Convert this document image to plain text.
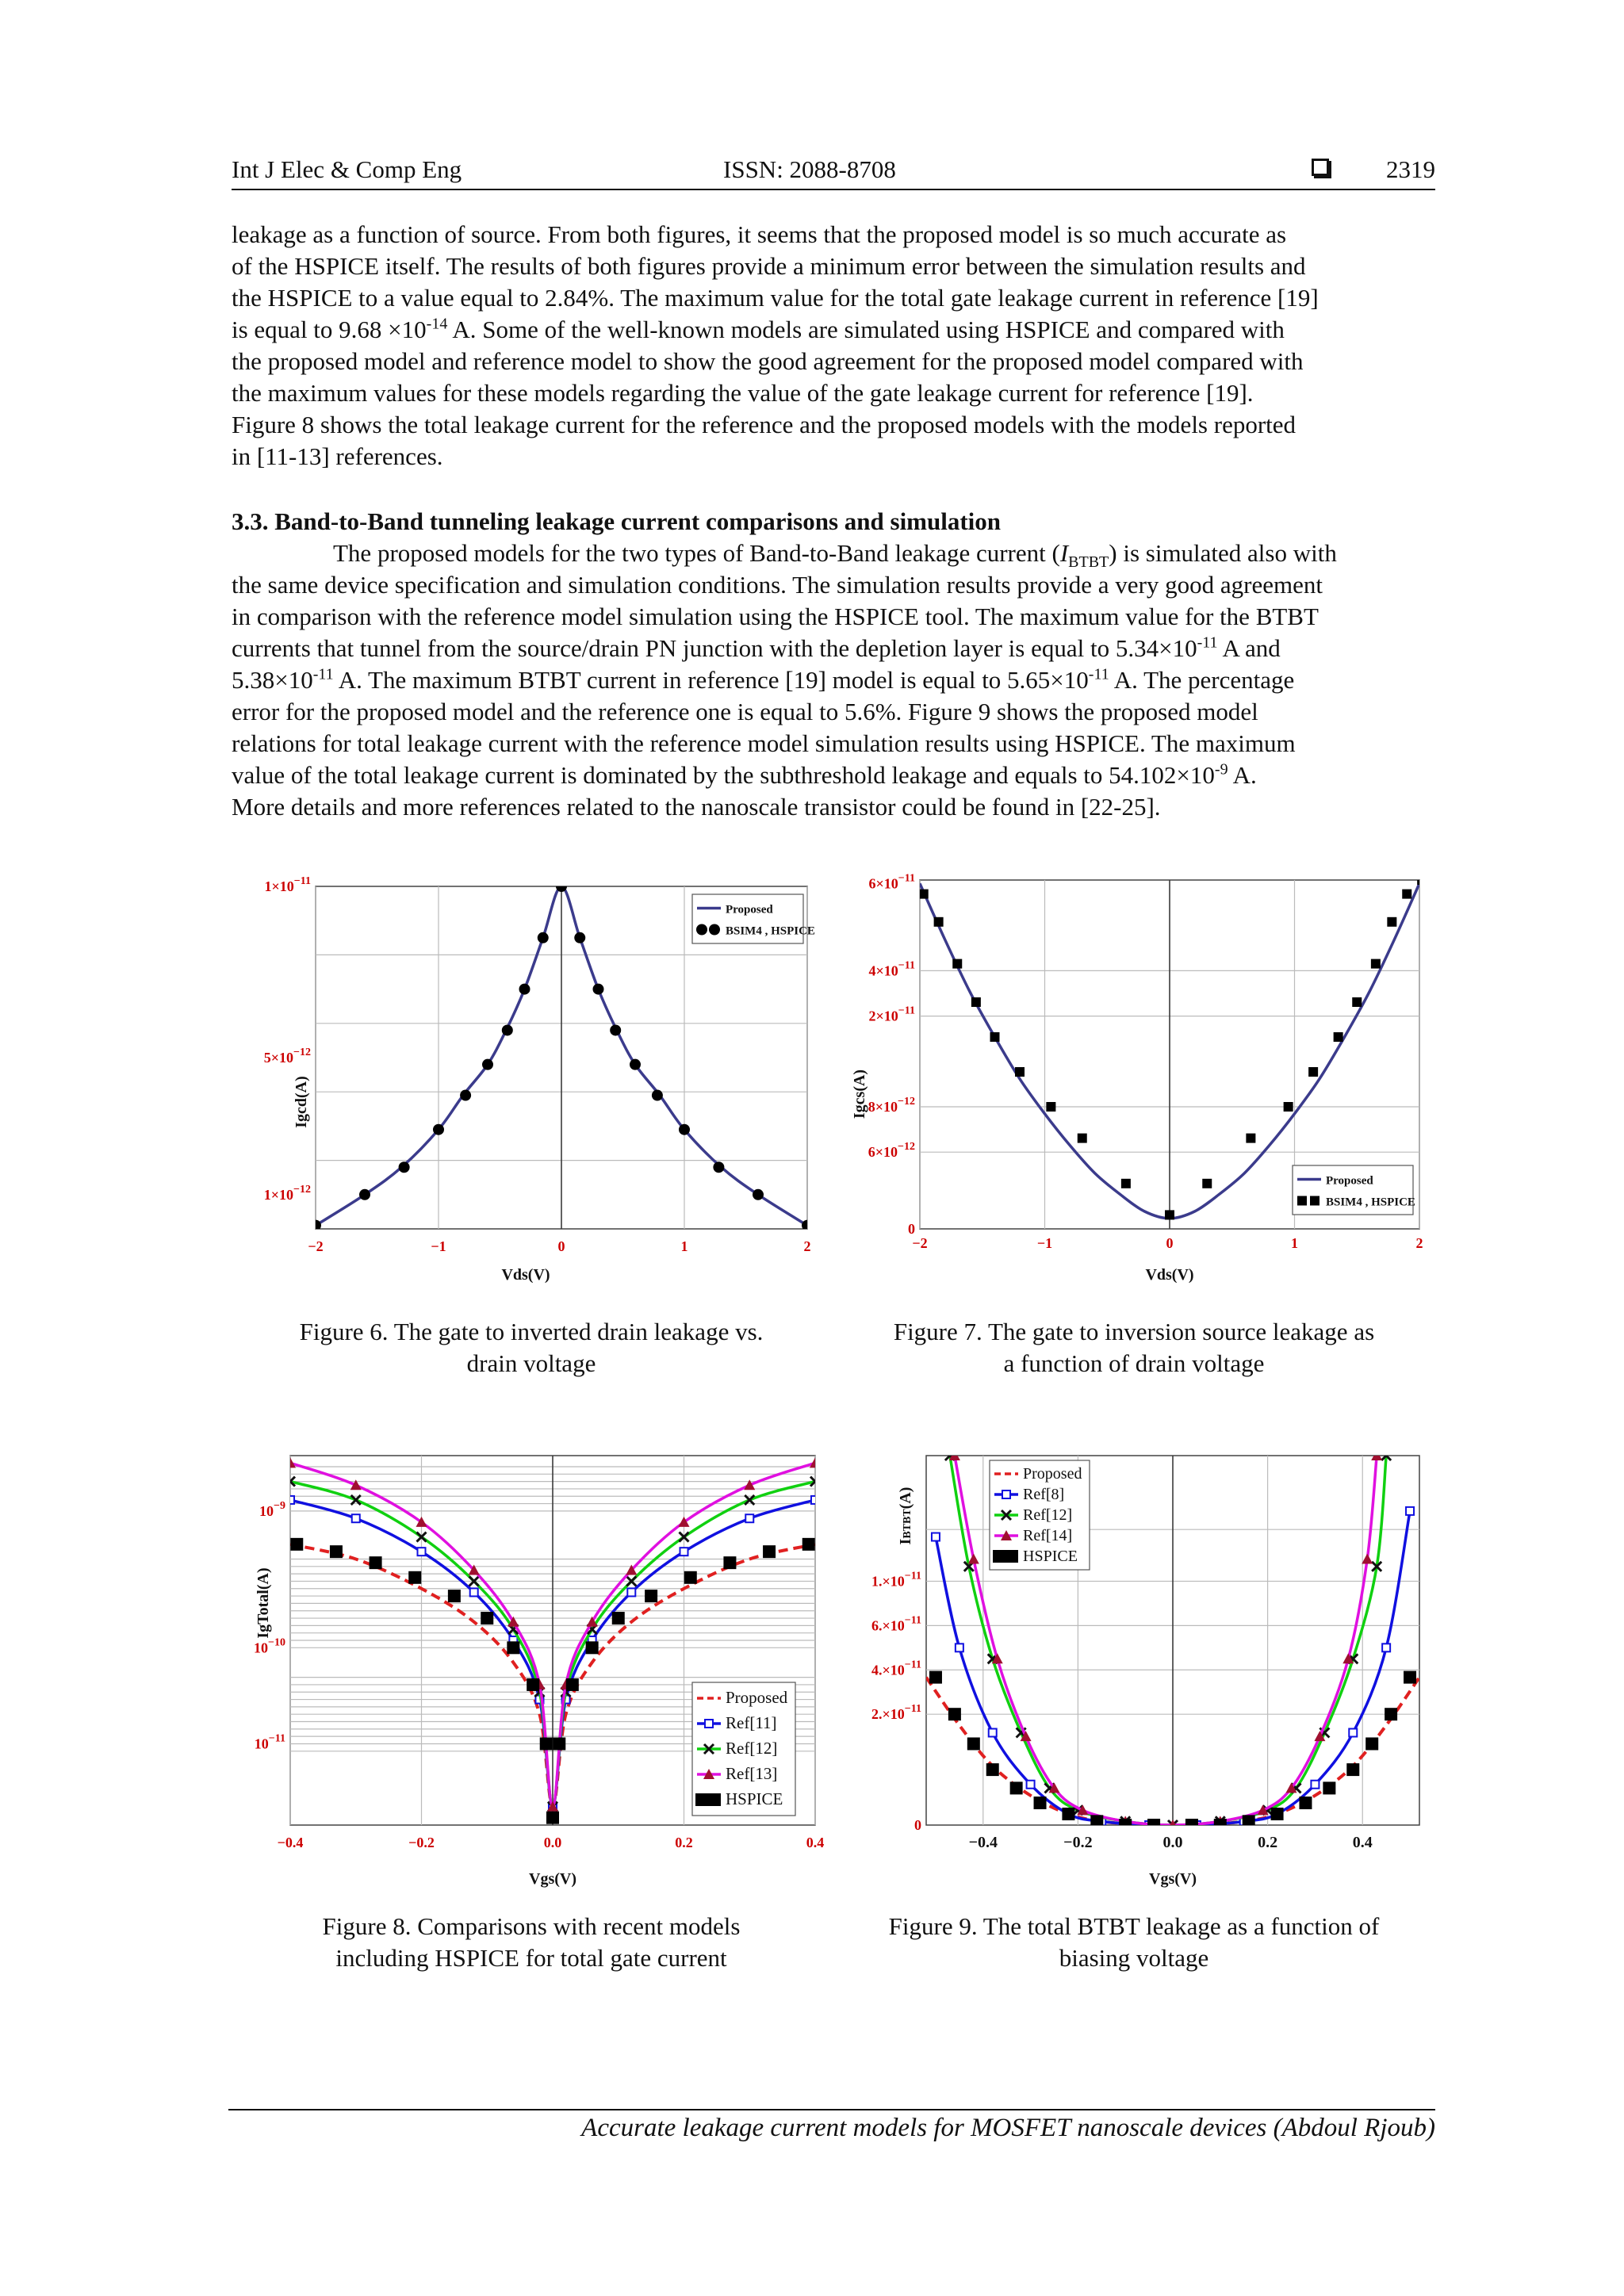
Int J Elec & Comp Eng	ISSN: 2088-8708	2319
leakage as a function of source. From both figures, it seems that the proposed model is so much accurate as
of the HSPICE itself. The results of both figures provide a minimum error between the simulation results and
the HSPICE to a value equal to 2.84%. The maximum value for the total gate leakage current in reference [19]
is equal to $9.68 \times 10^{-14}$ A. Some of the well-known models are simulated using HSPICE and compared with
the proposed model and reference model to show the good agreement for the proposed model compared with
the maximum values for these models regarding the value of the gate leakage current for reference [19].
Figure 8 shows the total leakage current for the reference and the proposed models with the models reported
in [11-13] references.
3.3. Band-to-Band tunneling leakage current comparisons and simulation
The proposed models for the two types of Band-to-Band leakage current $(I_{BTBT})$ is simulated also with
the same device specification and simulation conditions. The simulation results provide a very good agreement
in comparison with the reference model simulation using the HSPICE tool. The maximum value for the BTBT
currents that tunnel from the source/drain PN junction with the depletion layer is equal to $5.34\times 10^{-11}$ A and
$5.38\times 10^{-11}$ A. The maximum BTBT current in reference [19] model is equal to $5.65\times 10^{-11}$ A. The percentage
error for the proposed model and the reference one is equal to 5.6%. Figure 9 shows the proposed model
relations for total leakage current with the reference model simulation results using HSPICE. The maximum
value of the total leakage current is dominated by the subthreshold leakage and equals to $54.102\times 10^{-9}$ A.
More details and more references related to the nanoscale transistor could be found in [22-25].
−2	−1	0	1	2
$1\times 10^{-11}$
$5\times 10^{-12}$
$1\times 10^{-12}$
Vds(V)
Igcd(A)
Proposed
BSIM4 , HSPICE
−2	−1	0	1	2
$6\times 10^{-11}$
$4\times 10^{-11}$
$2\times 10^{-11}$
$8\times 10^{-12}$
$6\times 10^{-12}$
0
Vds(V)
Igcs(A)
Proposed
BSIM4 , HSPICE
−0.4	−0.2	0.0	0.2	0.4
$10^{-9}$
$10^{-10}$
$10^{-11}$
Vgs(V)
IgTotal(A)
Proposed
Ref[11]
Ref[12]
Ref[13]
HSPICE
−0.4	−0.2	0.0	0.2	0.4
$1.\times 10^{-11}$
$6.\times 10^{-11}$
$4.\times 10^{-11}$
$2.\times 10^{-11}$
0
Vgs(V)
IBTBT(A)
Proposed
Ref[8]
Ref[12]
Ref[14]
HSPICE
Figure 6. The gate to inverted drain leakage vs.
drain voltage
Figure 7. The gate to inversion source leakage as
a function of drain voltage
Figure 8. Comparisons with recent models
including HSPICE for total gate current
Figure 9. The total BTBT leakage as a function of
biasing voltage
Accurate leakage current models for MOSFET nanoscale devices (Abdoul Rjoub)
